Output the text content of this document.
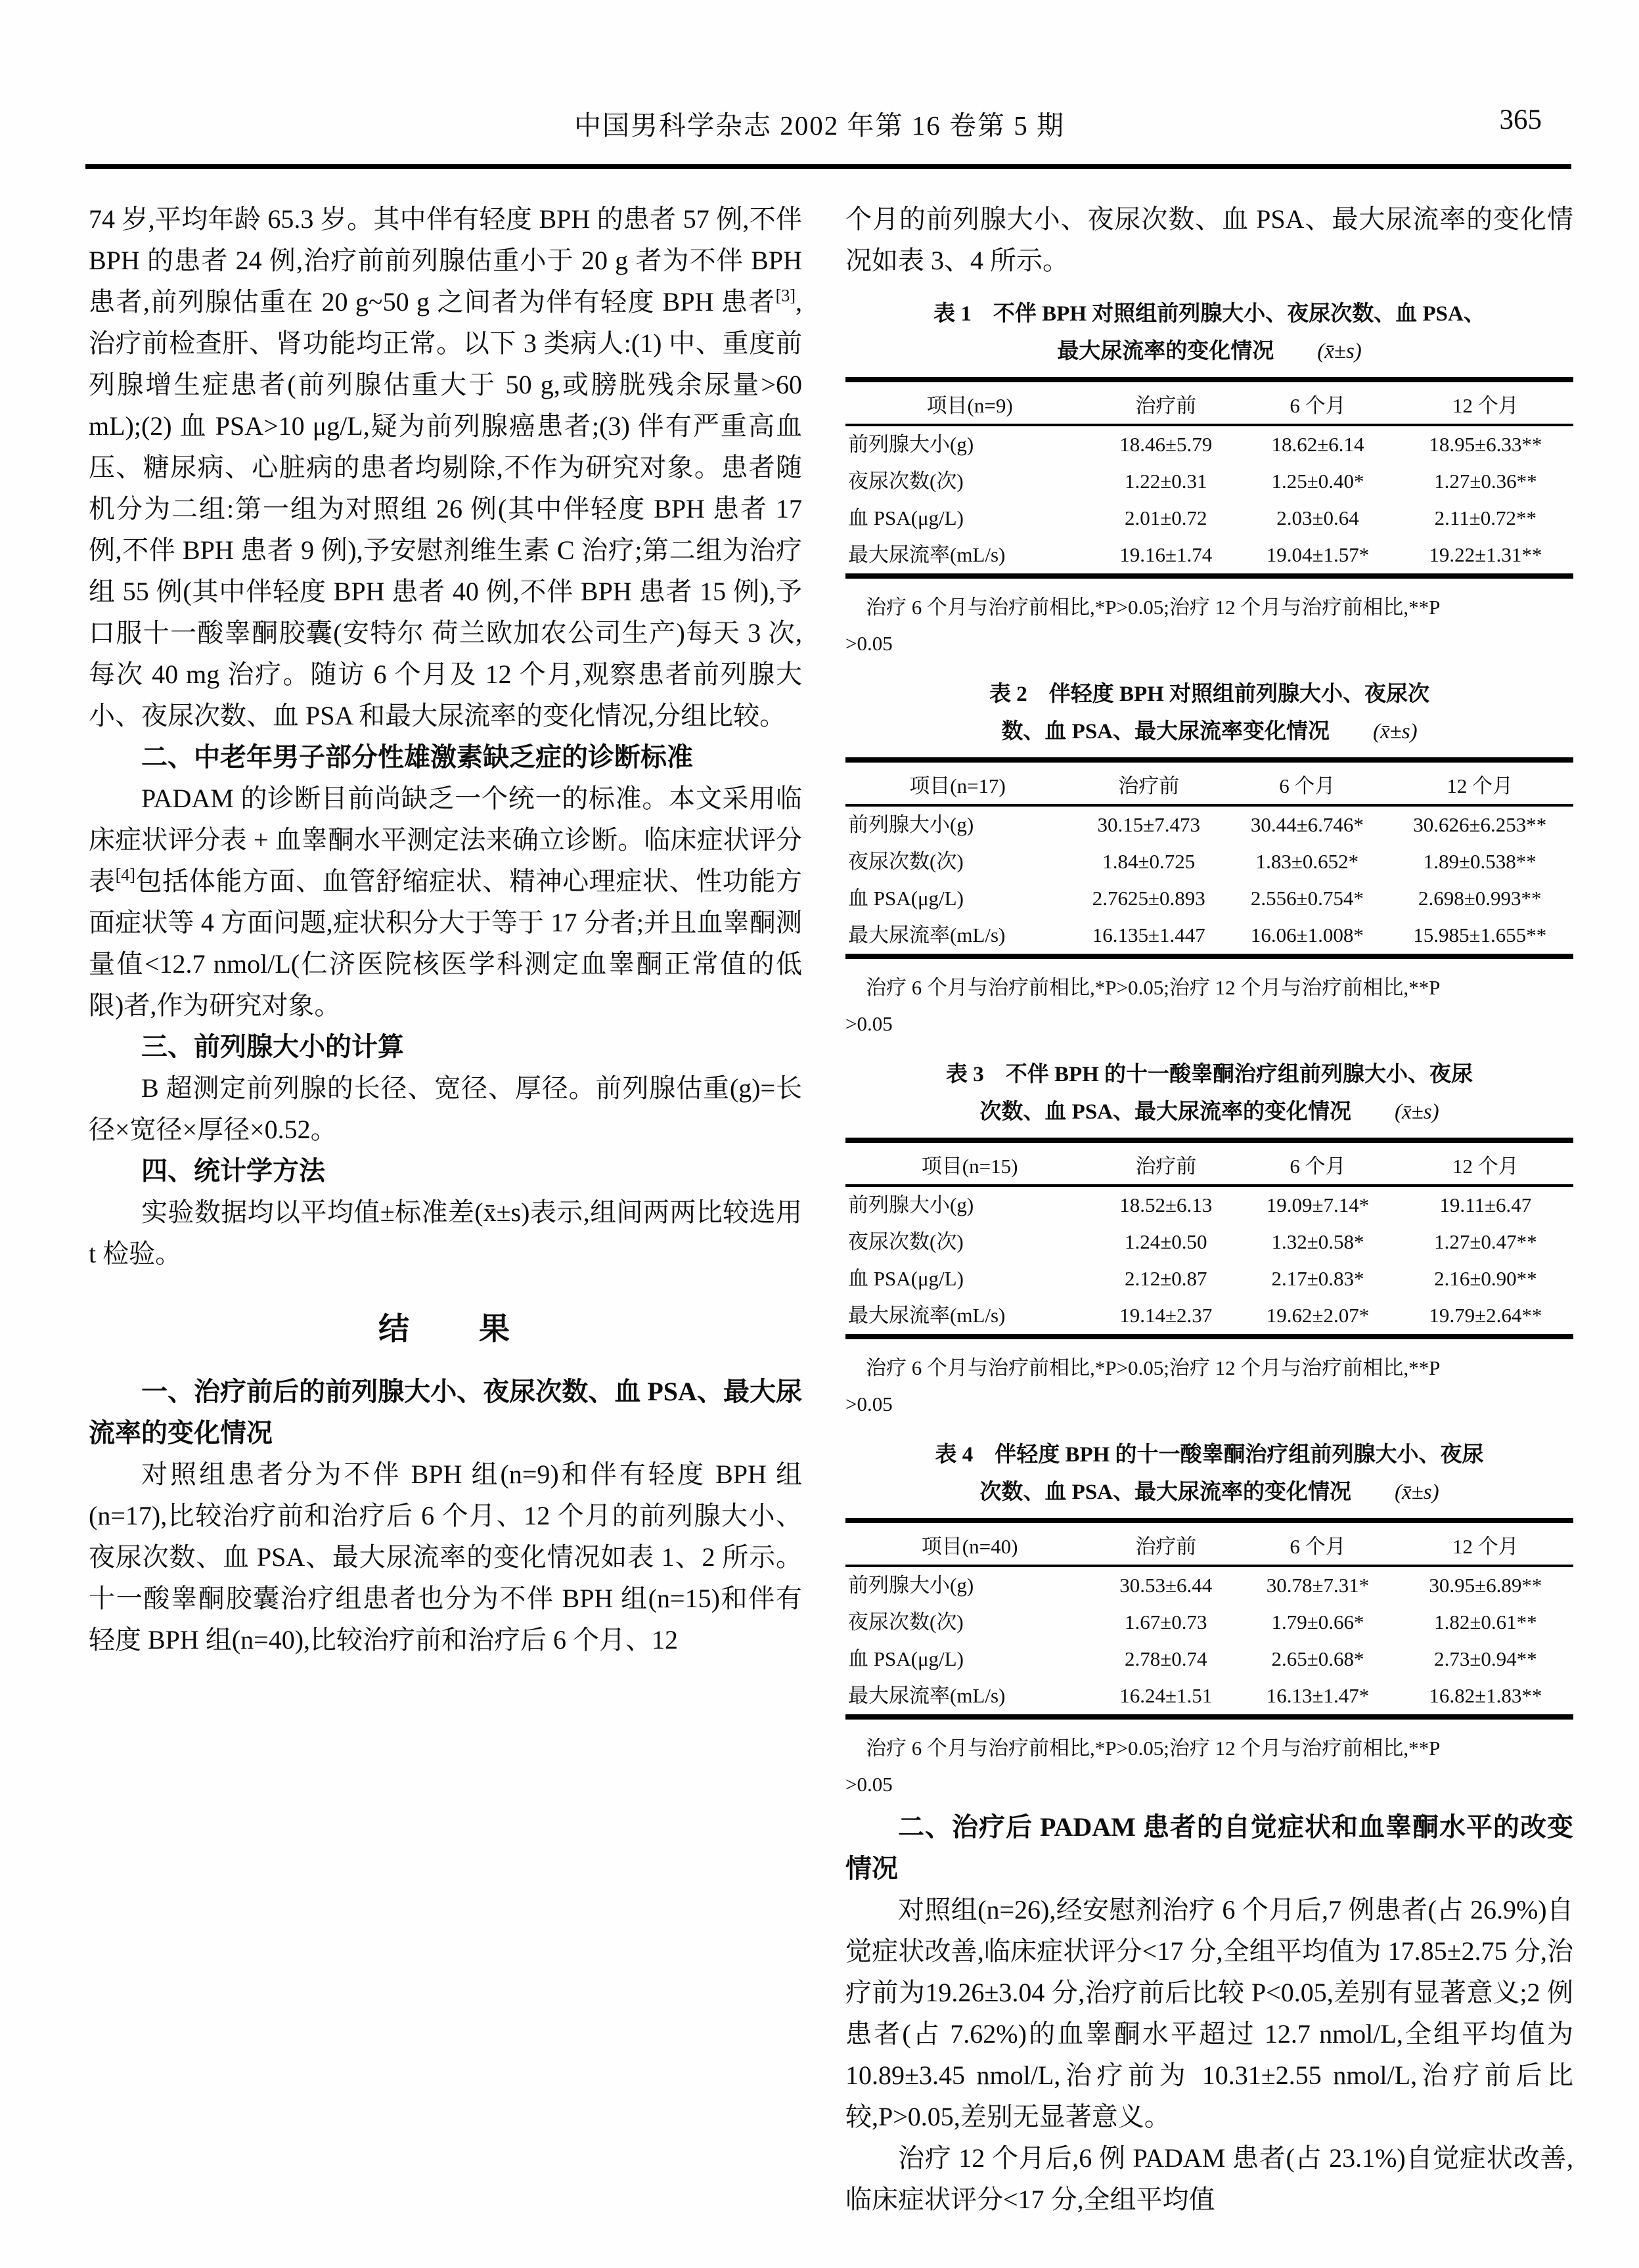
中国男科学杂志 2002 年第 16 卷第 5 期	365

74 岁,平均年龄 65.3 岁。其中伴有轻度 BPH 的患者 57 例,不伴 BPH 的患者 24 例,治疗前前列腺估重小于 20 g 者为不伴 BPH 患者,前列腺估重在 20 g~50 g 之间者为伴有轻度 BPH 患者[3],治疗前检查肝、肾功能均正常。以下 3 类病人:(1) 中、重度前列腺增生症患者(前列腺估重大于 50 g,或膀胱残余尿量>60 mL);(2) 血 PSA>10 μg/L,疑为前列腺癌患者;(3) 伴有严重高血压、糖尿病、心脏病的患者均剔除,不作为研究对象。患者随机分为二组:第一组为对照组 26 例(其中伴轻度 BPH 患者 17 例,不伴 BPH 患者 9 例),予安慰剂维生素 C 治疗;第二组为治疗组 55 例(其中伴轻度 BPH 患者 40 例,不伴 BPH 患者 15 例),予口服十一酸睾酮胶囊(安特尔 荷兰欧加农公司生产)每天 3 次,每次 40 mg 治疗。随访 6 个月及 12 个月,观察患者前列腺大小、夜尿次数、血 PSA 和最大尿流率的变化情况,分组比较。

二、中老年男子部分性雄激素缺乏症的诊断标准

PADAM 的诊断目前尚缺乏一个统一的标准。本文采用临床症状评分表 + 血睾酮水平测定法来确立诊断。临床症状评分表[4]包括体能方面、血管舒缩症状、精神心理症状、性功能方面症状等 4 方面问题,症状积分大于等于 17 分者;并且血睾酮测量值<12.7 nmol/L(仁济医院核医学科测定血睾酮正常值的低限)者,作为研究对象。

三、前列腺大小的计算

B 超测定前列腺的长径、宽径、厚径。前列腺估重(g)=长径×宽径×厚径×0.52。

四、统计学方法

实验数据均以平均值±标准差(x̄±s)表示,组间两两比较选用 t 检验。

结　　果
一、治疗前后的前列腺大小、夜尿次数、血 PSA、最大尿流率的变化情况

对照组患者分为不伴 BPH 组(n=9)和伴有轻度 BPH 组(n=17),比较治疗前和治疗后 6 个月、12 个月的前列腺大小、夜尿次数、血 PSA、最大尿流率的变化情况如表 1、2 所示。十一酸睾酮胶囊治疗组患者也分为不伴 BPH 组(n=15)和伴有轻度 BPH 组(n=40),比较治疗前和治疗后 6 个月、12

个月的前列腺大小、夜尿次数、血 PSA、最大尿流率的变化情况如表 3、4 所示。

表 1　不伴 BPH 对照组前列腺大小、夜尿次数、血 PSA、
最大尿流率的变化情况 (x̄±s)
项目(n=9)	治疗前	6 个月	12 个月
前列腺大小(g)	18.46±5.79	18.62±6.14	18.95±6.33**
夜尿次数(次)	1.22±0.31	1.25±0.40*	1.27±0.36**
血 PSA(μg/L)	2.01±0.72	2.03±0.64	2.11±0.72**
最大尿流率(mL/s)	19.16±1.74	19.04±1.57*	19.22±1.31**
治疗 6 个月与治疗前相比,*P>0.05;治疗 12 个月与治疗前相比,**P
>0.05
表 2　伴轻度 BPH 对照组前列腺大小、夜尿次
数、血 PSA、最大尿流率变化情况 (x̄±s)
项目(n=17)	治疗前	6 个月	12 个月
前列腺大小(g)	30.15±7.473	30.44±6.746*	30.626±6.253**
夜尿次数(次)	1.84±0.725	1.83±0.652*	1.89±0.538**
血 PSA(μg/L)	2.7625±0.893	2.556±0.754*	2.698±0.993**
最大尿流率(mL/s)	16.135±1.447	16.06±1.008*	15.985±1.655**
治疗 6 个月与治疗前相比,*P>0.05;治疗 12 个月与治疗前相比,**P
>0.05
表 3　不伴 BPH 的十一酸睾酮治疗组前列腺大小、夜尿
次数、血 PSA、最大尿流率的变化情况 (x̄±s)
项目(n=15)	治疗前	6 个月	12 个月
前列腺大小(g)	18.52±6.13	19.09±7.14*	19.11±6.47
夜尿次数(次)	1.24±0.50	1.32±0.58*	1.27±0.47**
血 PSA(μg/L)	2.12±0.87	2.17±0.83*	2.16±0.90**
最大尿流率(mL/s)	19.14±2.37	19.62±2.07*	19.79±2.64**
治疗 6 个月与治疗前相比,*P>0.05;治疗 12 个月与治疗前相比,**P
>0.05
表 4　伴轻度 BPH 的十一酸睾酮治疗组前列腺大小、夜尿
次数、血 PSA、最大尿流率的变化情况 (x̄±s)
项目(n=40)	治疗前	6 个月	12 个月
前列腺大小(g)	30.53±6.44	30.78±7.31*	30.95±6.89**
夜尿次数(次)	1.67±0.73	1.79±0.66*	1.82±0.61**
血 PSA(μg/L)	2.78±0.74	2.65±0.68*	2.73±0.94**
最大尿流率(mL/s)	16.24±1.51	16.13±1.47*	16.82±1.83**
治疗 6 个月与治疗前相比,*P>0.05;治疗 12 个月与治疗前相比,**P
>0.05
二、治疗后 PADAM 患者的自觉症状和血睾酮水平的改变情况

对照组(n=26),经安慰剂治疗 6 个月后,7 例患者(占 26.9%)自觉症状改善,临床症状评分<17 分,全组平均值为 17.85±2.75 分,治疗前为19.26±3.04 分,治疗前后比较 P<0.05,差别有显著意义;2 例患者(占 7.62%)的血睾酮水平超过 12.7 nmol/L,全组平均值为 10.89±3.45 nmol/L,治疗前为 10.31±2.55 nmol/L,治疗前后比较,P>0.05,差别无显著意义。

治疗 12 个月后,6 例 PADAM 患者(占 23.1%)自觉症状改善,临床症状评分<17 分,全组平均值
